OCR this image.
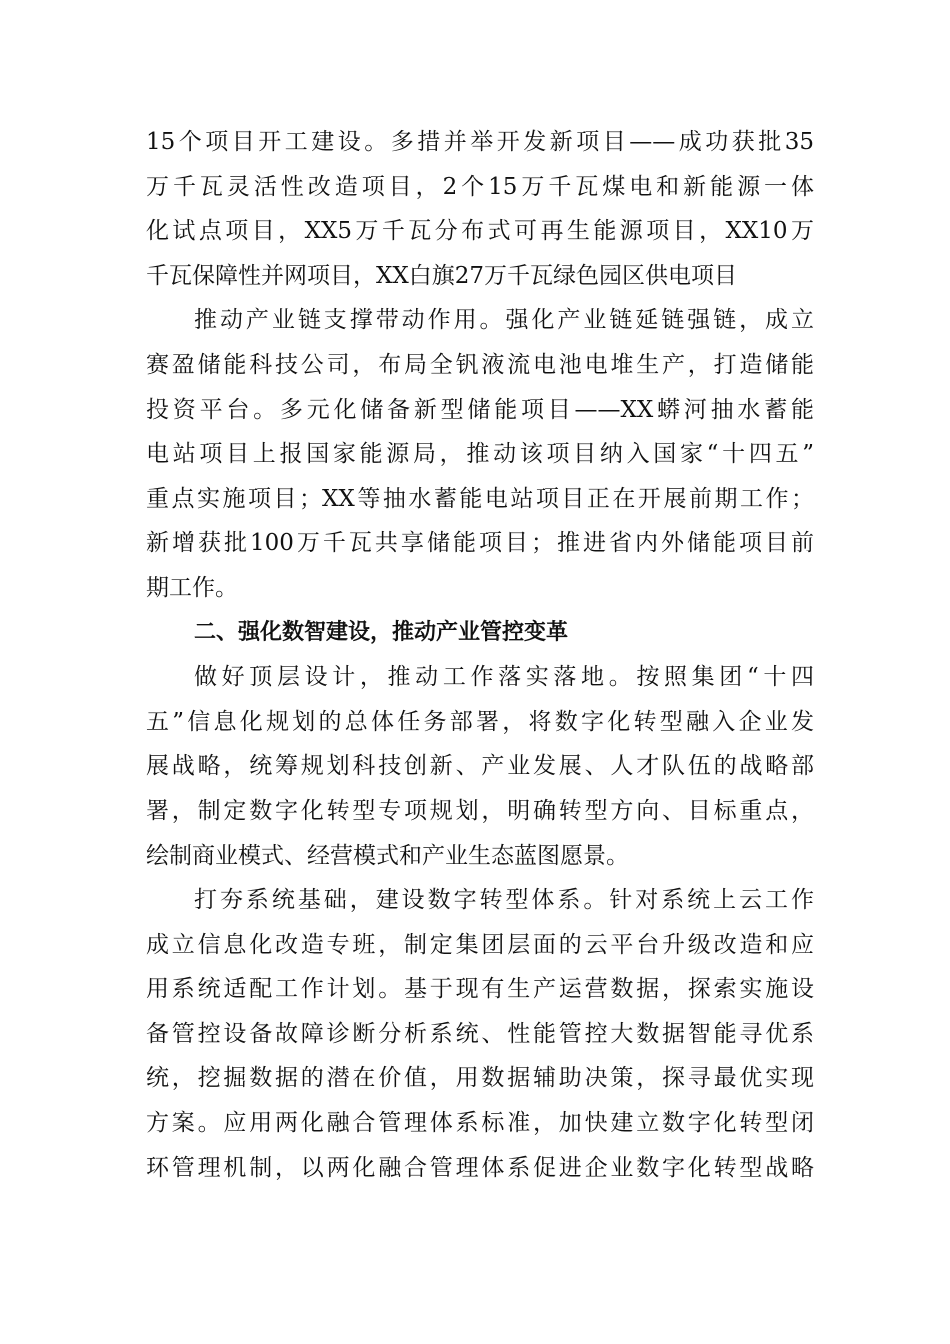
15个项目开工建设。多措并举开发新项目——成功获批35
万千瓦灵活性改造项目，2个15万千瓦煤电和新能源一体
化试点项目，XX5万千瓦分布式可再生能源项目，XX10万
千瓦保障性并网项目，XX白旗27万千瓦绿色园区供电项目
推动产业链支撑带动作用。强化产业链延链强链，成立
赛盈储能科技公司，布局全钒液流电池电堆生产，打造储能
投资平台。多元化储备新型储能项目——XX蟒河抽水蓄能
电站项目上报国家能源局，推动该项目纳入国家“十四五”
重点实施项目；XX等抽水蓄能电站项目正在开展前期工作；
新增获批100万千瓦共享储能项目；推进省内外储能项目前
期工作。
二、强化数智建设，推动产业管控变革
做好顶层设计，推动工作落实落地。按照集团“十四
五”信息化规划的总体任务部署，将数字化转型融入企业发
展战略，统筹规划科技创新、产业发展、人才队伍的战略部
署，制定数字化转型专项规划，明确转型方向、目标重点，
绘制商业模式、经营模式和产业生态蓝图愿景。
打夯系统基础，建设数字转型体系。针对系统上云工作
成立信息化改造专班，制定集团层面的云平台升级改造和应
用系统适配工作计划。基于现有生产运营数据，探索实施设
备管控设备故障诊断分析系统、性能管控大数据智能寻优系
统，挖掘数据的潜在价值，用数据辅助决策，探寻最优实现
方案。应用两化融合管理体系标准，加快建立数字化转型闭
环管理机制，以两化融合管理体系促进企业数字化转型战略
